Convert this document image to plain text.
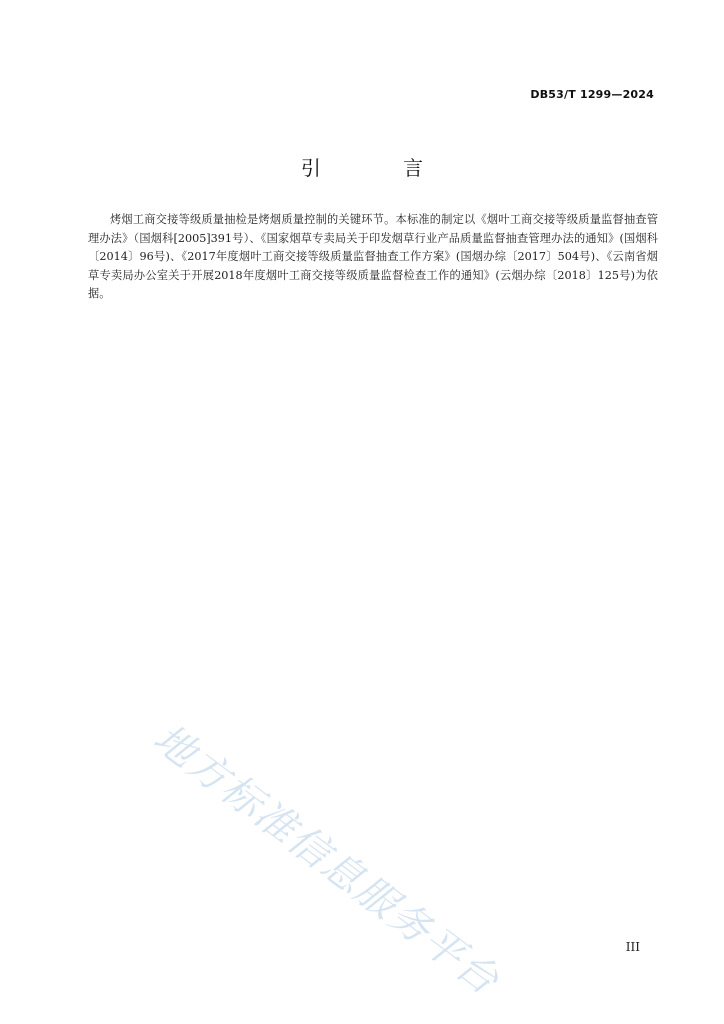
DB53/T 1299—2024
引 言

烤烟工商交接等级质量抽检是烤烟质量控制的关键环节。本标准的制定以《烟叶工商交接等级质量监督抽查管理办法》（国烟科[2005]391号）、《国家烟草专卖局关于印发烟草行业产品质量监督抽查管理办法的通知》(国烟科〔2014〕96号)、《2017年度烟叶工商交接等级质量监督抽查工作方案》(国烟办综〔2017〕504号)、《云南省烟草专卖局办公室关于开展2018年度烟叶工商交接等级质量监督检查工作的通知》(云烟办综〔2018〕125号)为依据。

地方标准信息服务平台	III
